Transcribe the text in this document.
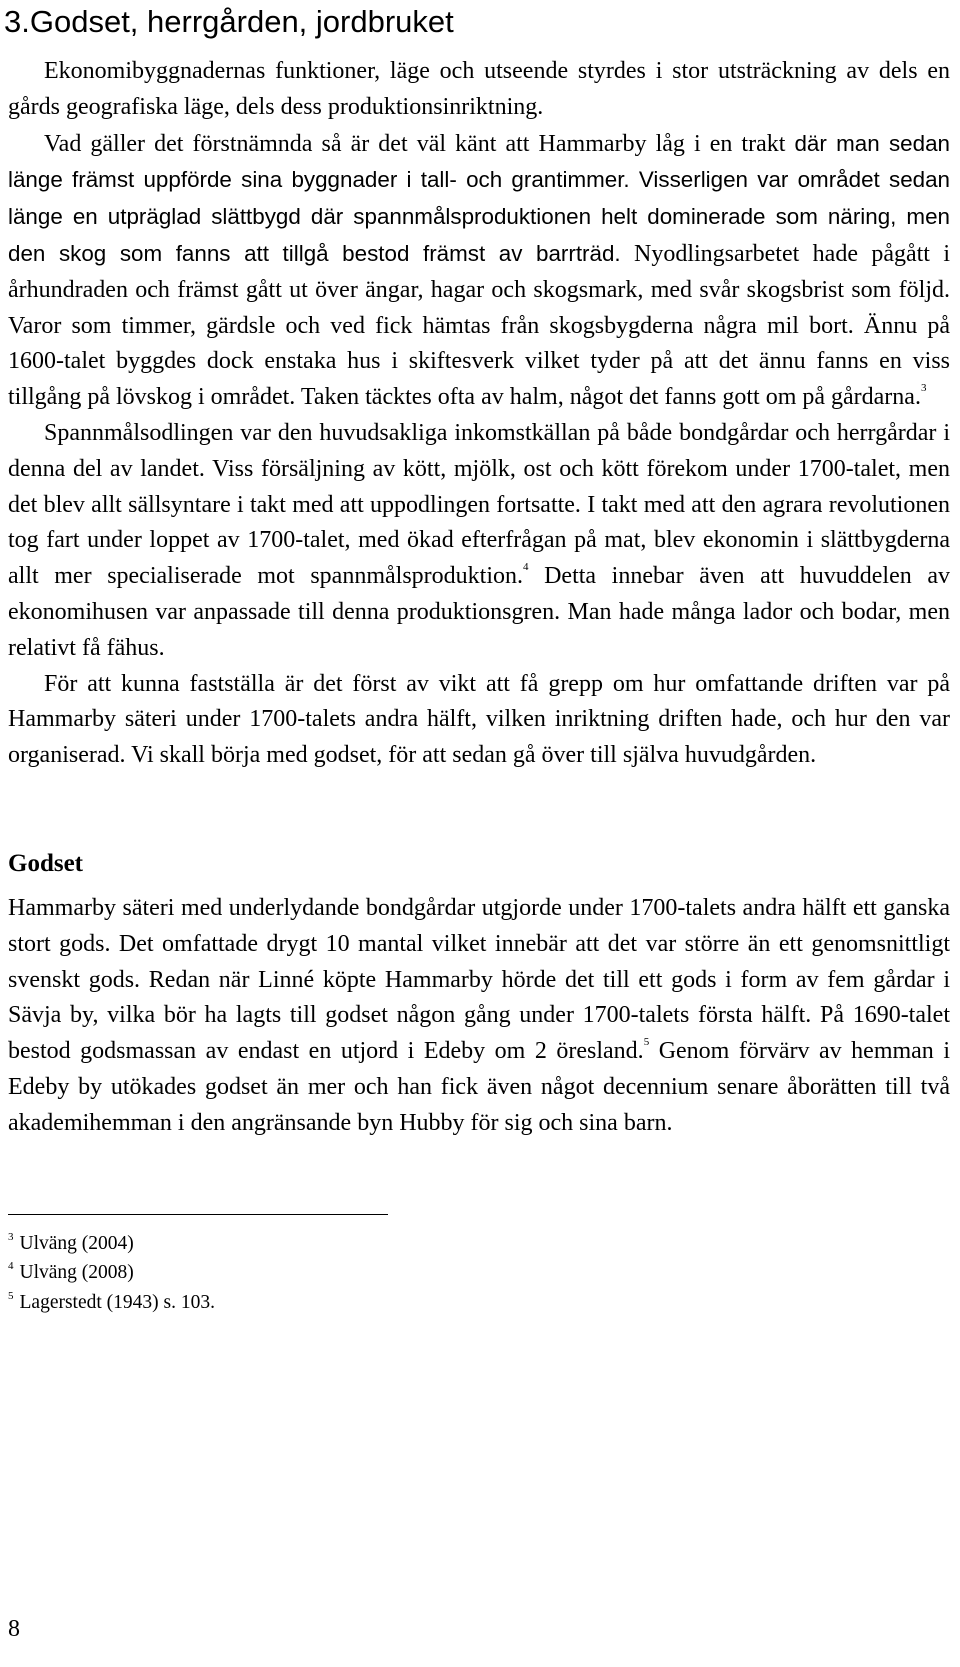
3.Godset, herrgården, jordbruket

Ekonomibyggnadernas funktioner, läge och utseende styrdes i stor utsträckning av dels en gårds geografiska läge, dels dess produktionsinriktning.

Vad gäller det förstnämnda så är det väl känt att Hammarby låg i en trakt där man sedan länge främst uppförde sina byggnader i tall- och grantimmer. Visserligen var området sedan länge en utpräglad slättbygd där spannmålsproduktionen helt dominerade som näring, men den skog som fanns att tillgå bestod främst av barrträd. Nyodlingsarbetet hade pågått i århundraden och främst gått ut över ängar, hagar och skogsmark, med svår skogsbrist som följd. Varor som timmer, gärdsle och ved fick hämtas från skogsbygderna några mil bort. Ännu på 1600-talet byggdes dock enstaka hus i skiftesverk vilket tyder på att det ännu fanns en viss tillgång på lövskog i området. Taken täcktes ofta av halm, något det fanns gott om på gårdarna.$^3$

Spannmålsodlingen var den huvudsakliga inkomstkällan på både bondgårdar och herrgårdar i denna del av landet. Viss försäljning av kött, mjölk, ost och kött förekom under 1700-talet, men det blev allt sällsyntare i takt med att uppodlingen fortsatte. I takt med att den agrara revolutionen tog fart under loppet av 1700-talet, med ökad efterfrågan på mat, blev ekonomin i slättbygderna allt mer specialiserade mot spannmålsproduktion.$^4$ Detta innebar även att huvuddelen av ekonomihusen var anpassade till denna produktionsgren. Man hade många lador och bodar, men relativt få fähus.

För att kunna fastställa är det först av vikt att få grepp om hur omfattande driften var på Hammarby säteri under 1700-talets andra hälft, vilken inriktning driften hade, och hur den var organiserad. Vi skall börja med godset, för att sedan gå över till själva huvudgården.

Godset

Hammarby säteri med underlydande bondgårdar utgjorde under 1700-talets andra hälft ett ganska stort gods. Det omfattade drygt 10 mantal vilket innebär att det var större än ett genomsnittligt svenskt gods. Redan när Linné köpte Hammarby hörde det till ett gods i form av fem gårdar i Sävja by, vilka bör ha lagts till godset någon gång under 1700-talets första hälft. På 1690-talet bestod godsmassan av endast en utjord i Edeby om 2 öresland.$^5$ Genom förvärv av hemman i Edeby by utökades godset än mer och han fick även något decennium senare åborätten till två akademihemman i den angränsande byn Hubby för sig och sina barn.

$^3$ Ulväng (2004)
$^4$ Ulväng (2008)
$^5$ Lagerstedt (1943) s. 103.
8
